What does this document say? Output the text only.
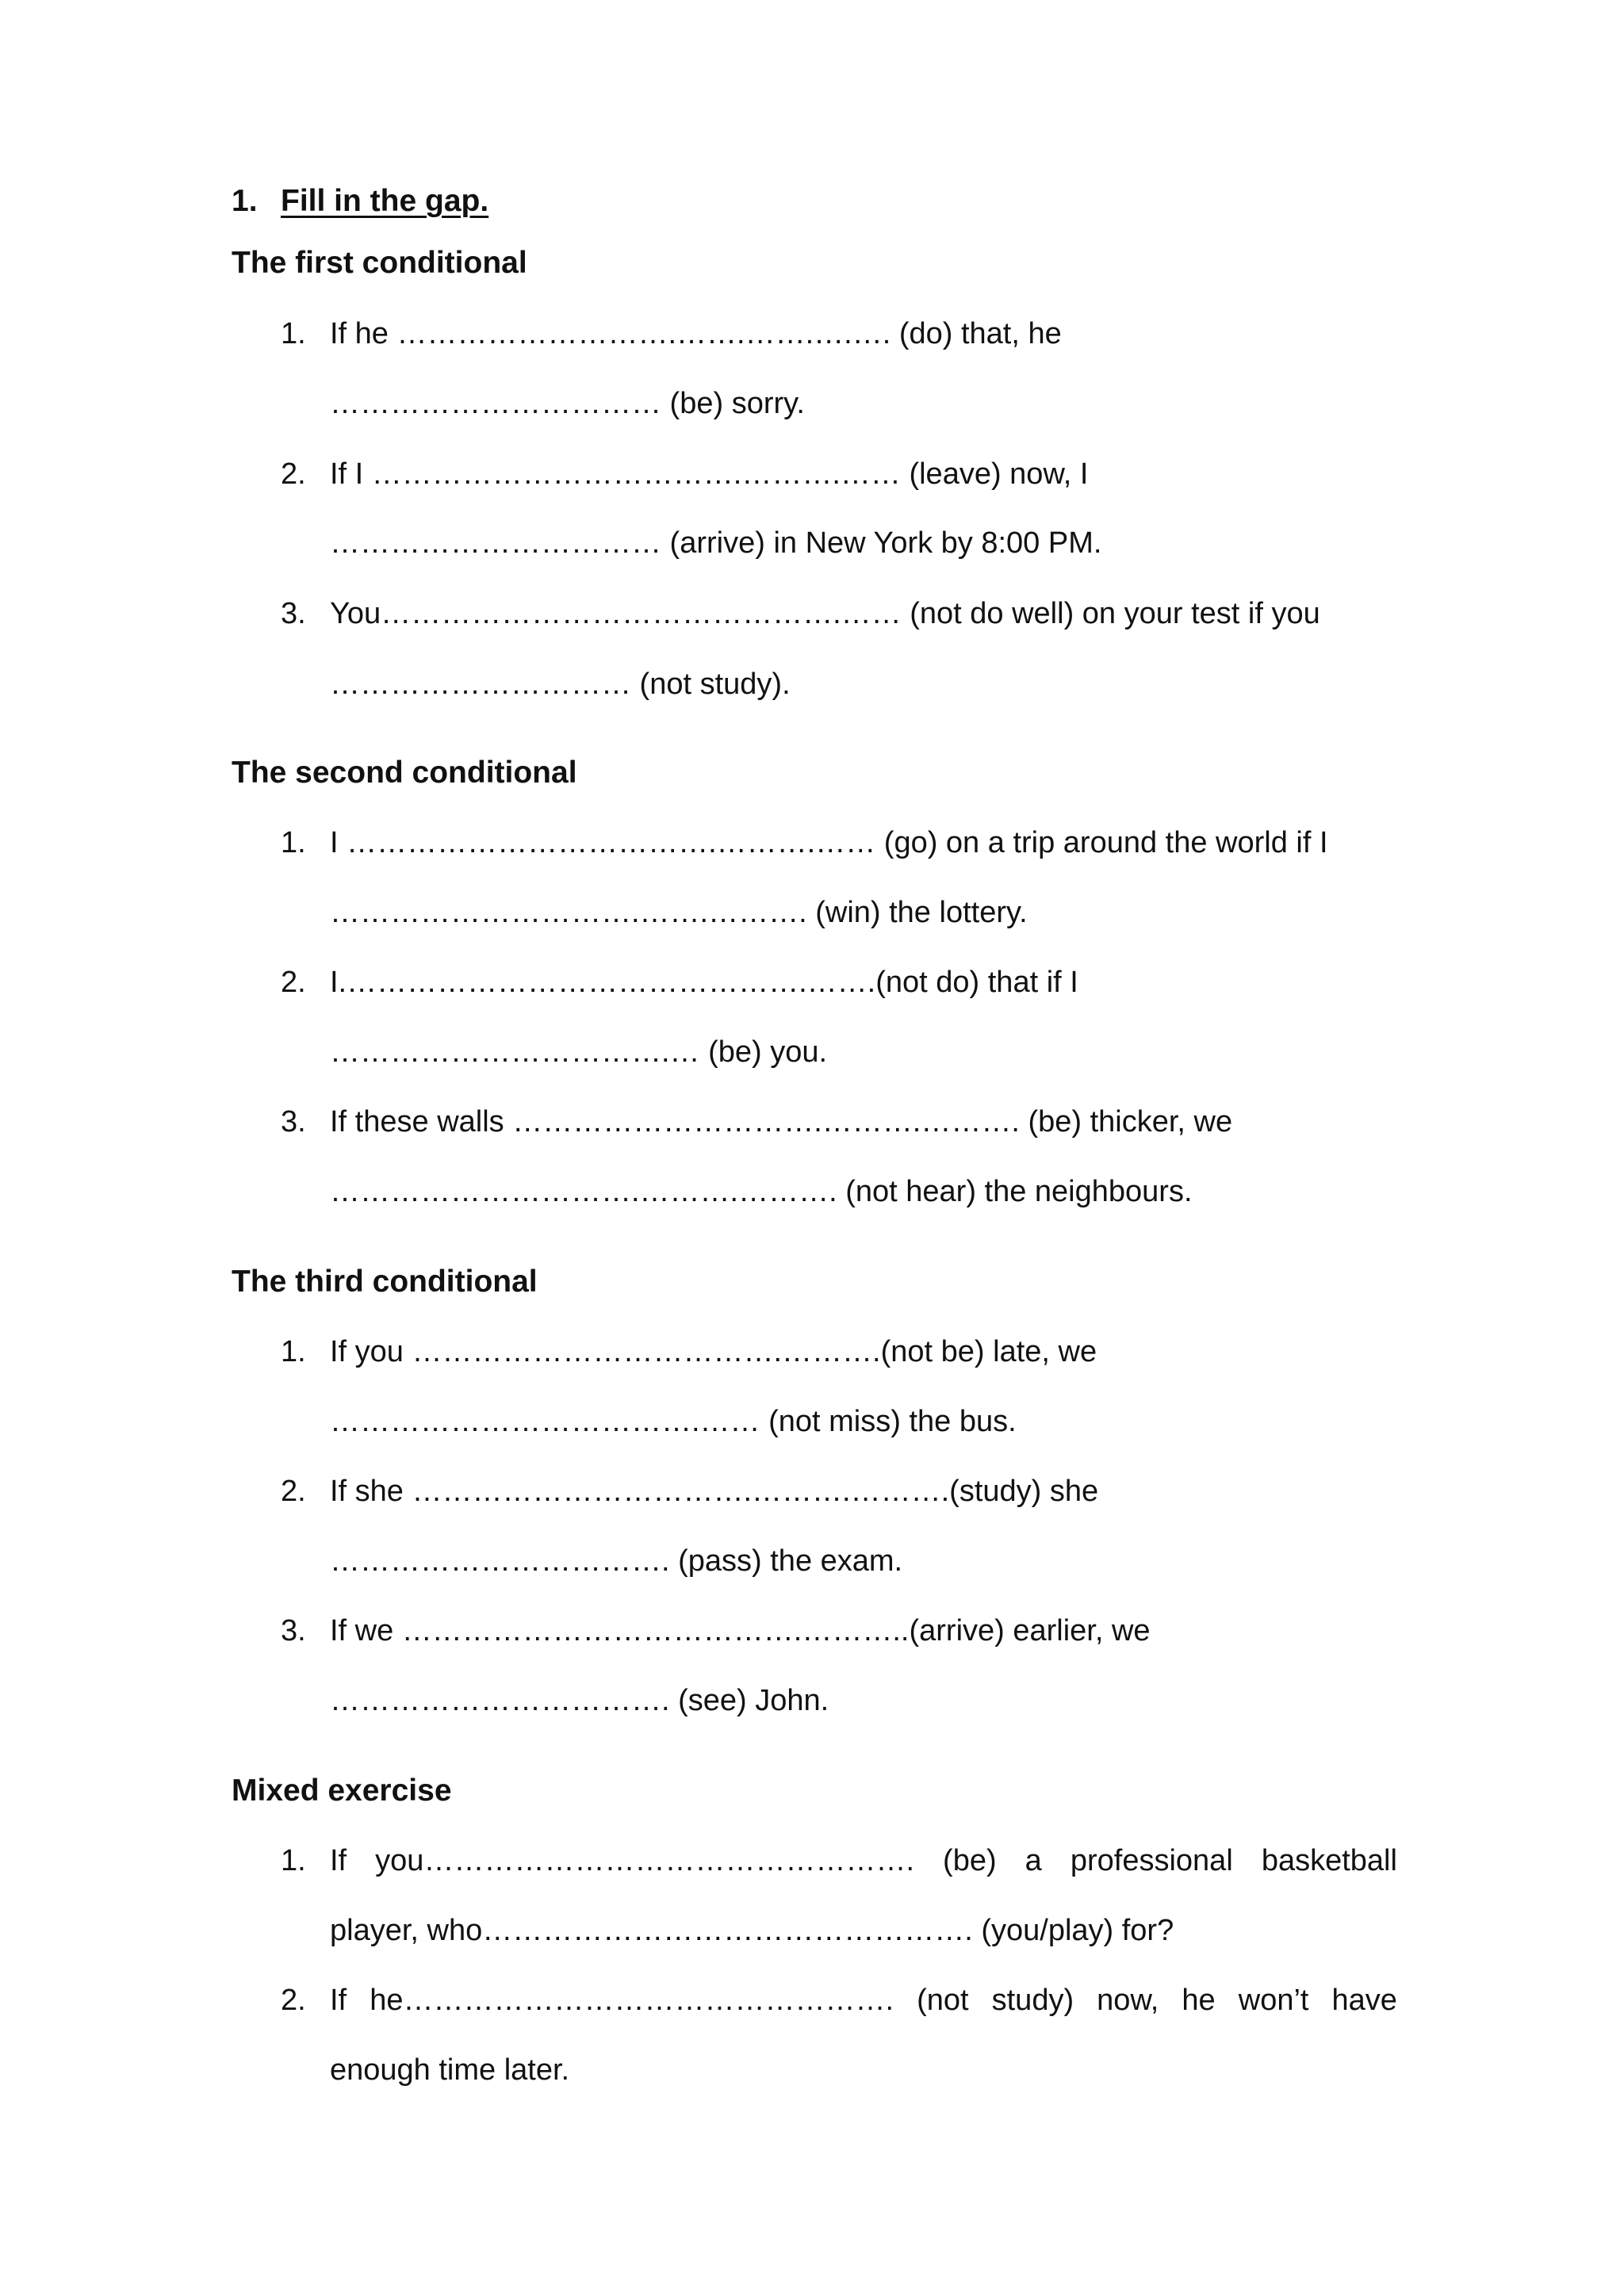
1. Fill in the gap.
The first conditional
1. If he ……………………….…….…….….…. (do) that, he
…………………………… (be) sorry.
2. If I ……………………………….……….…… (leave) now, I
…………………………… (arrive) in New York by 8:00 PM.
3. You……………………………………….…… (not do well) on your test if you
………………………… (not study).
The second conditional
1. I ……………………………….……….…… (go) on a trip around the world if I
………………………….…….………. (win) the lottery.
2. I.……………………………………….…….(not do) that if I
…………………………….… (be) you.
3. If these walls ………………………….……….………. (be) thicker, we
………………………….……….………. (not hear) the neighbours.
The third conditional
1. If you ……………………………….……….(not be) late, we
……………………………….…… (not miss) the bus.
2. If she …………………………….……….……….(study) she
……………………………. (pass) the exam.
3. If we ………………………………….………..(arrive) earlier, we
……………………………. (see) John.
Mixed exercise
1. If you…………………………………………. (be) a professional basketball
player, who…………………………………………. (you/play) for?
2. If he…………………………………………. (not study) now, he won’t have
enough time later.
